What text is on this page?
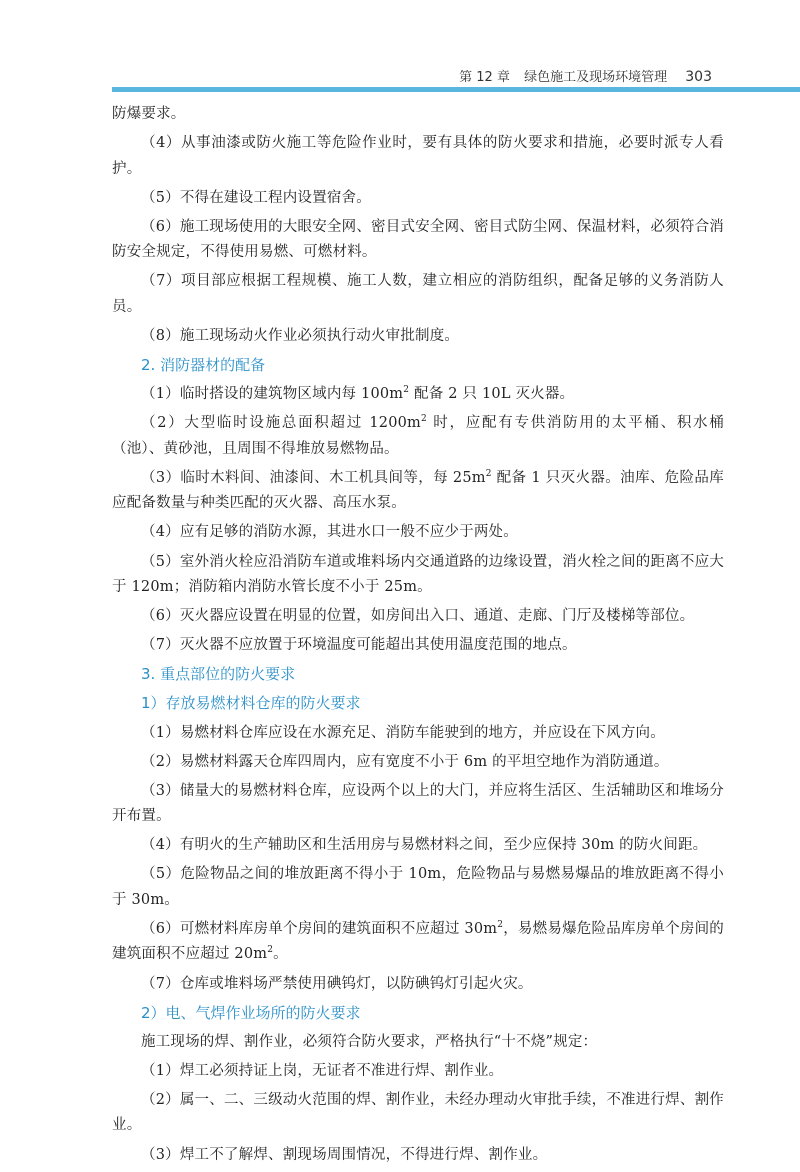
第 12 章 绿色施工及现场环境管理 303

防爆要求。

（4）从事油漆或防火施工等危险作业时，要有具体的防火要求和措施，必要时派专人看护。

（5）不得在建设工程内设置宿舍。

（6）施工现场使用的大眼安全网、密目式安全网、密目式防尘网、保温材料，必须符合消防安全规定，不得使用易燃、可燃材料。

（7）项目部应根据工程规模、施工人数，建立相应的消防组织，配备足够的义务消防人员。

（8）施工现场动火作业必须执行动火审批制度。

2. 消防器材的配备

（1）临时搭设的建筑物区域内每 $100m^2$ 配备 2 只 10L 灭火器。

（2）大型临时设施总面积超过 $1200m^2$ 时，应配有专供消防用的太平桶、积水桶（池）、黄砂池，且周围不得堆放易燃物品。

（3）临时木料间、油漆间、木工机具间等，每 $25m^2$ 配备 1 只灭火器。油库、危险品库应配备数量与种类匹配的灭火器、高压水泵。

（4）应有足够的消防水源，其进水口一般不应少于两处。

（5）室外消火栓应沿消防车道或堆料场内交通道路的边缘设置，消火栓之间的距离不应大于 120m；消防箱内消防水管长度不小于 25m。

（6）灭火器应设置在明显的位置，如房间出入口、通道、走廊、门厅及楼梯等部位。

（7）灭火器不应放置于环境温度可能超出其使用温度范围的地点。

3. 重点部位的防火要求
1）存放易燃材料仓库的防火要求

（1）易燃材料仓库应设在水源充足、消防车能驶到的地方，并应设在下风方向。

（2）易燃材料露天仓库四周内，应有宽度不小于 6m 的平坦空地作为消防通道。

（3）储量大的易燃材料仓库，应设两个以上的大门，并应将生活区、生活辅助区和堆场分开布置。

（4）有明火的生产辅助区和生活用房与易燃材料之间，至少应保持 30m 的防火间距。

（5）危险物品之间的堆放距离不得小于 10m，危险物品与易燃易爆品的堆放距离不得小于 30m。

（6）可燃材料库房单个房间的建筑面积不应超过 $30m^2$，易燃易爆危险品库房单个房间的建筑面积不应超过 $20m^2$。

（7）仓库或堆料场严禁使用碘钨灯，以防碘钨灯引起火灾。

2）电、气焊作业场所的防火要求

施工现场的焊、割作业，必须符合防火要求，严格执行“十不烧”规定：

（1）焊工必须持证上岗，无证者不准进行焊、割作业。

（2）属一、二、三级动火范围的焊、割作业，未经办理动火审批手续，不准进行焊、割作业。

（3）焊工不了解焊、割现场周围情况，不得进行焊、割作业。
